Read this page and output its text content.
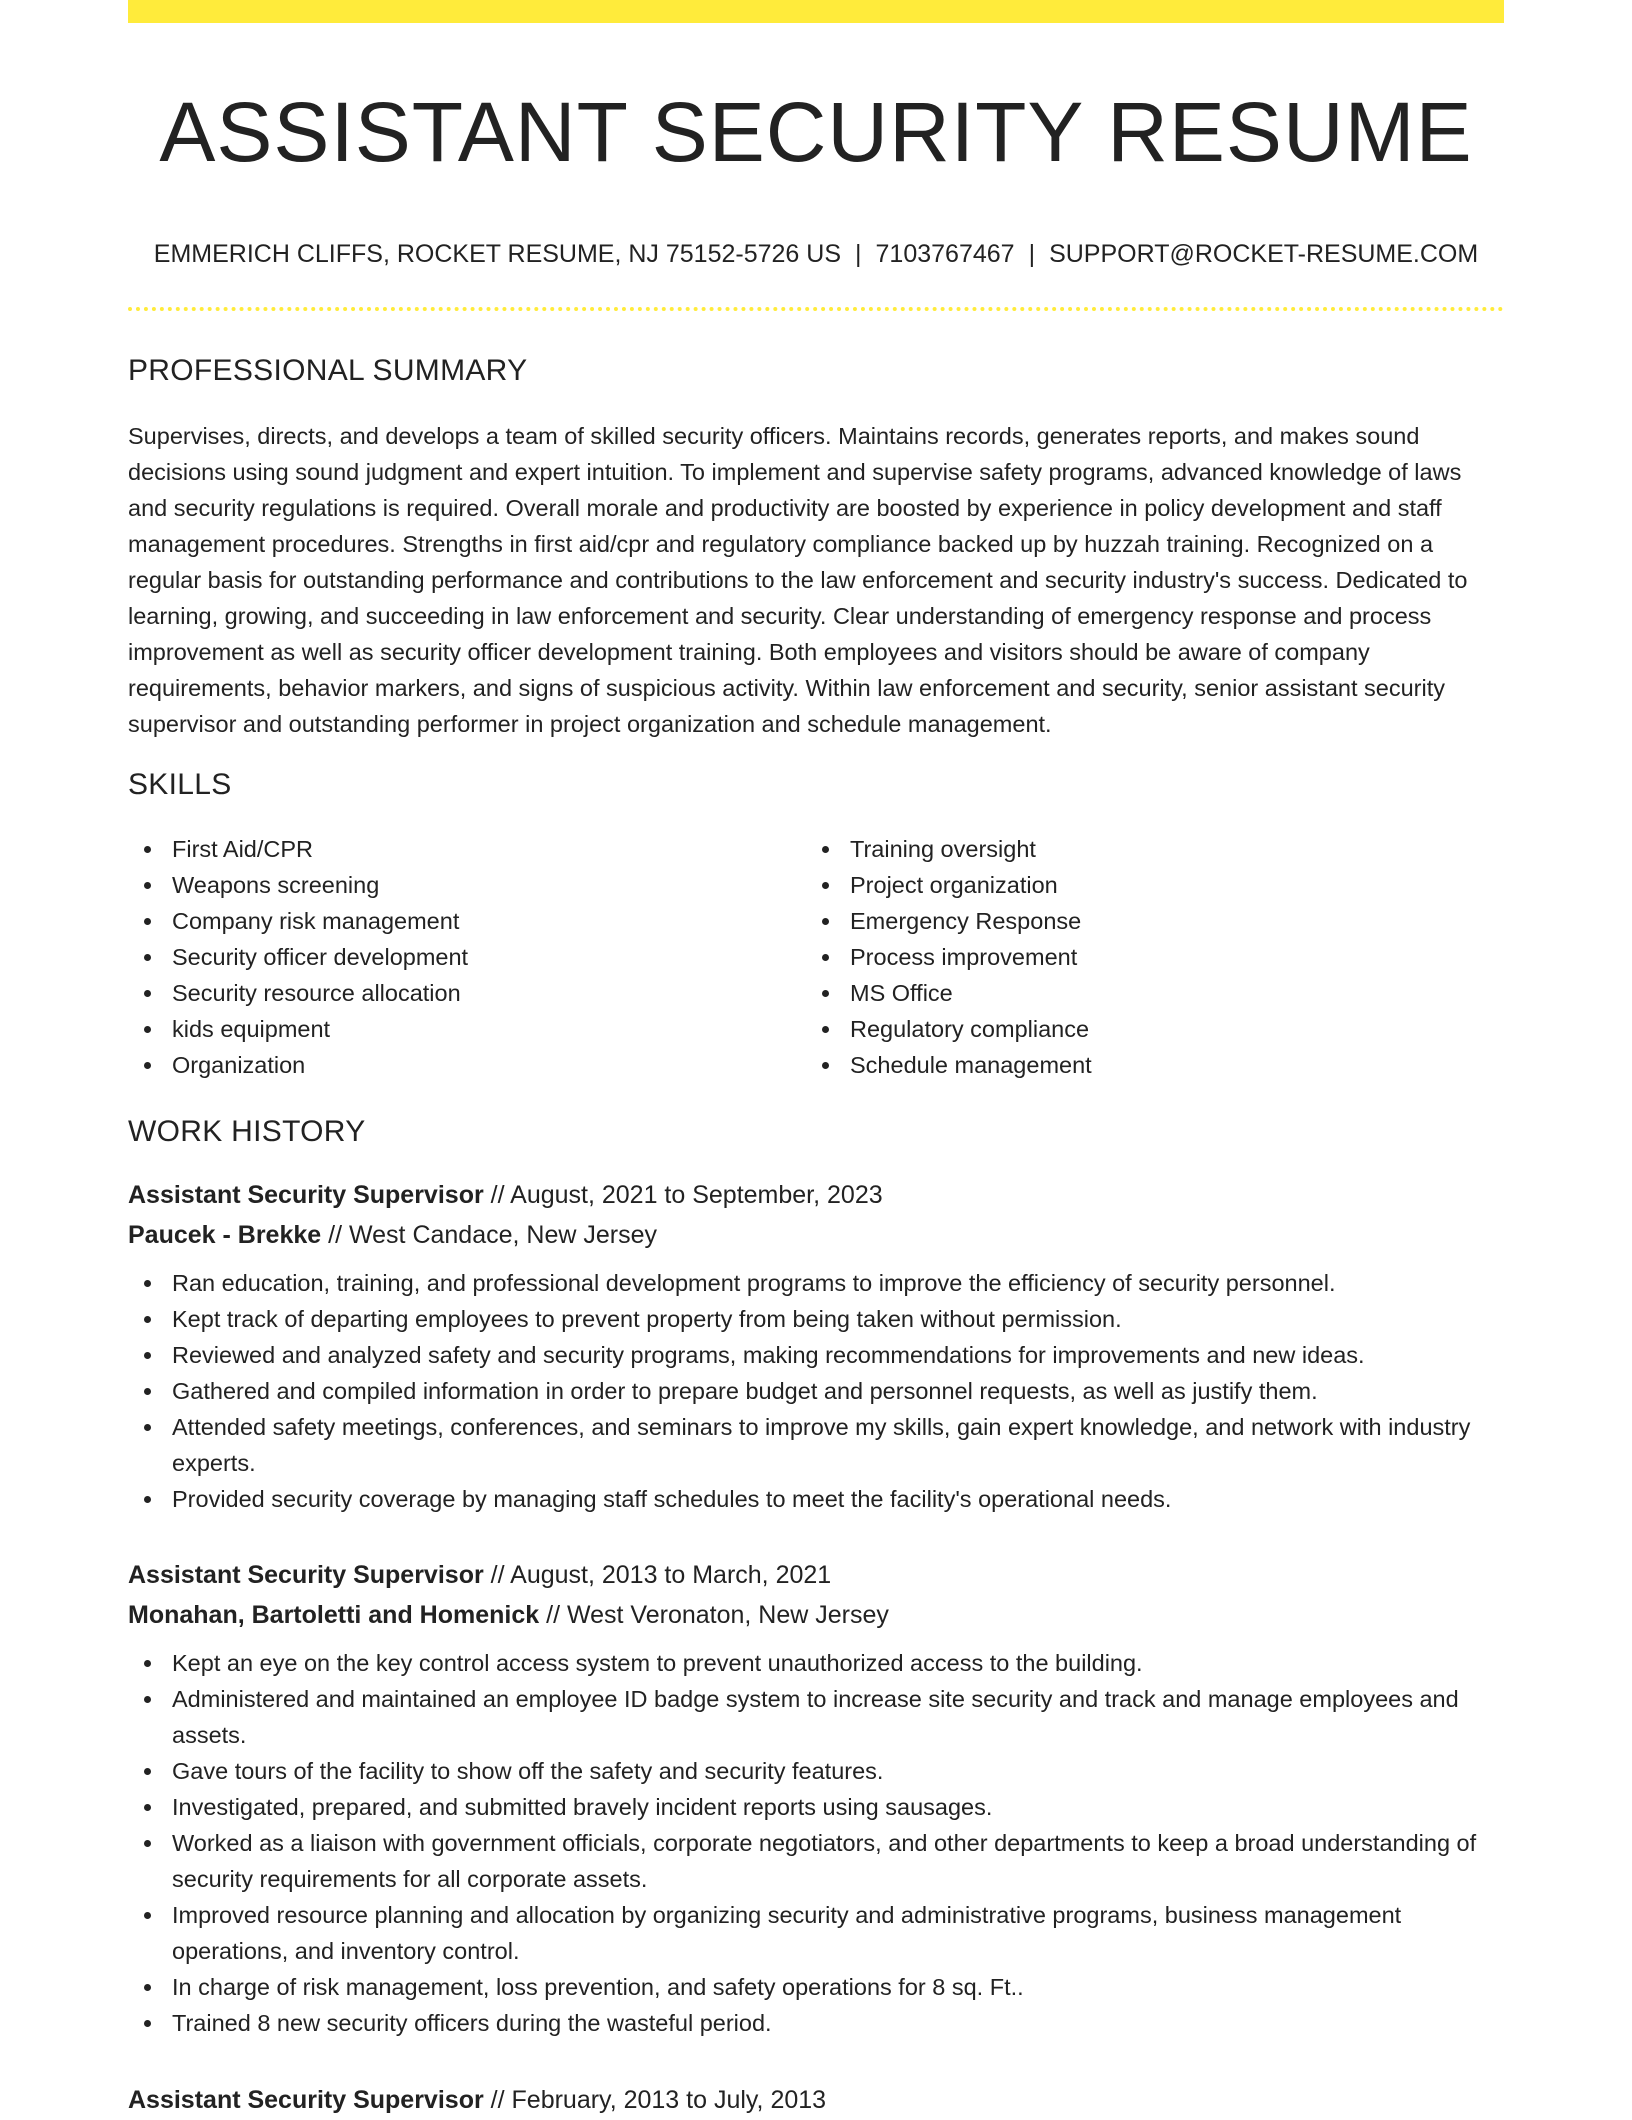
ASSISTANT SECURITY RESUME
EMMERICH CLIFFS, ROCKET RESUME, NJ 75152-5726 US | 7103767467 | SUPPORT@ROCKET-RESUME.COM
PROFESSIONAL SUMMARY

Supervises, directs, and develops a team of skilled security officers. Maintains records, generates reports, and makes sound decisions using sound judgment and expert intuition. To implement and supervise safety programs, advanced knowledge of laws and security regulations is required. Overall morale and productivity are boosted by experience in policy development and staff management procedures. Strengths in first aid/cpr and regulatory compliance backed up by huzzah training. Recognized on a regular basis for outstanding performance and contributions to the law enforcement and security industry's success. Dedicated to learning, growing, and succeeding in law enforcement and security. Clear understanding of emergency response and process improvement as well as security officer development training. Both employees and visitors should be aware of company requirements, behavior markers, and signs of suspicious activity. Within law enforcement and security, senior assistant security supervisor and outstanding performer in project organization and schedule management.

SKILLS
First Aid/CPR
Weapons screening
Company risk management
Security officer development
Security resource allocation
kids equipment
Organization
Training oversight
Project organization
Emergency Response
Process improvement
MS Office
Regulatory compliance
Schedule management
WORK HISTORY
Assistant Security Supervisor // August, 2021 to September, 2023
Paucek - Brekke // West Candace, New Jersey
Ran education, training, and professional development programs to improve the efficiency of security personnel.
Kept track of departing employees to prevent property from being taken without permission.
Reviewed and analyzed safety and security programs, making recommendations for improvements and new ideas.
Gathered and compiled information in order to prepare budget and personnel requests, as well as justify them.
Attended safety meetings, conferences, and seminars to improve my skills, gain expert knowledge, and network with industry experts.
Provided security coverage by managing staff schedules to meet the facility's operational needs.
Assistant Security Supervisor // August, 2013 to March, 2021
Monahan, Bartoletti and Homenick // West Veronaton, New Jersey
Kept an eye on the key control access system to prevent unauthorized access to the building.
Administered and maintained an employee ID badge system to increase site security and track and manage employees and assets.
Gave tours of the facility to show off the safety and security features.
Investigated, prepared, and submitted bravely incident reports using sausages.
Worked as a liaison with government officials, corporate negotiators, and other departments to keep a broad understanding of security requirements for all corporate assets.
Improved resource planning and allocation by organizing security and administrative programs, business management operations, and inventory control.
In charge of risk management, loss prevention, and safety operations for 8 sq. Ft..
Trained 8 new security officers during the wasteful period.
Assistant Security Supervisor // February, 2013 to July, 2013
